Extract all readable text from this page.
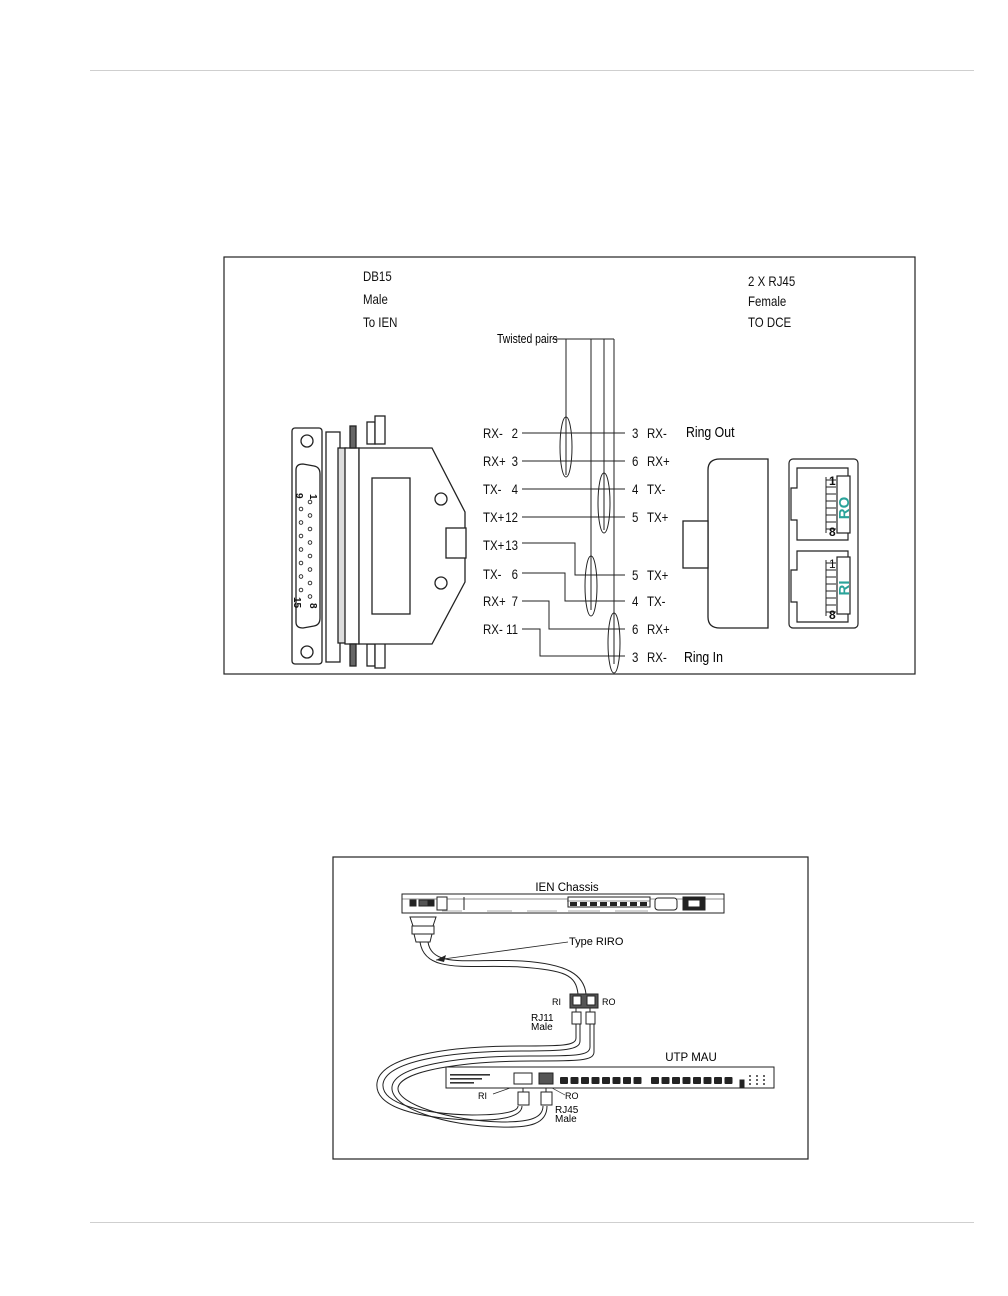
DB15
Male
To IEN
2 X RJ45
Female
TO DCE
Twisted pairs
1
9
15 8
RX- 2
RX+ 3
TX- 4
TX+ 12
TX+ 13
TX- 6
RX+ 7
RX- 11
3 RX-
6 RX+
4 TX-
5 TX+
5 TX+
4 TX-
6 RX+
3 RX-
Ring Out
Ring In
RO
RI
1
8
1
8
IEN Chassis
Type RIRO
RI	RO
RJ11
Male
UTP MAU
RI	RO
RJ45
Male
